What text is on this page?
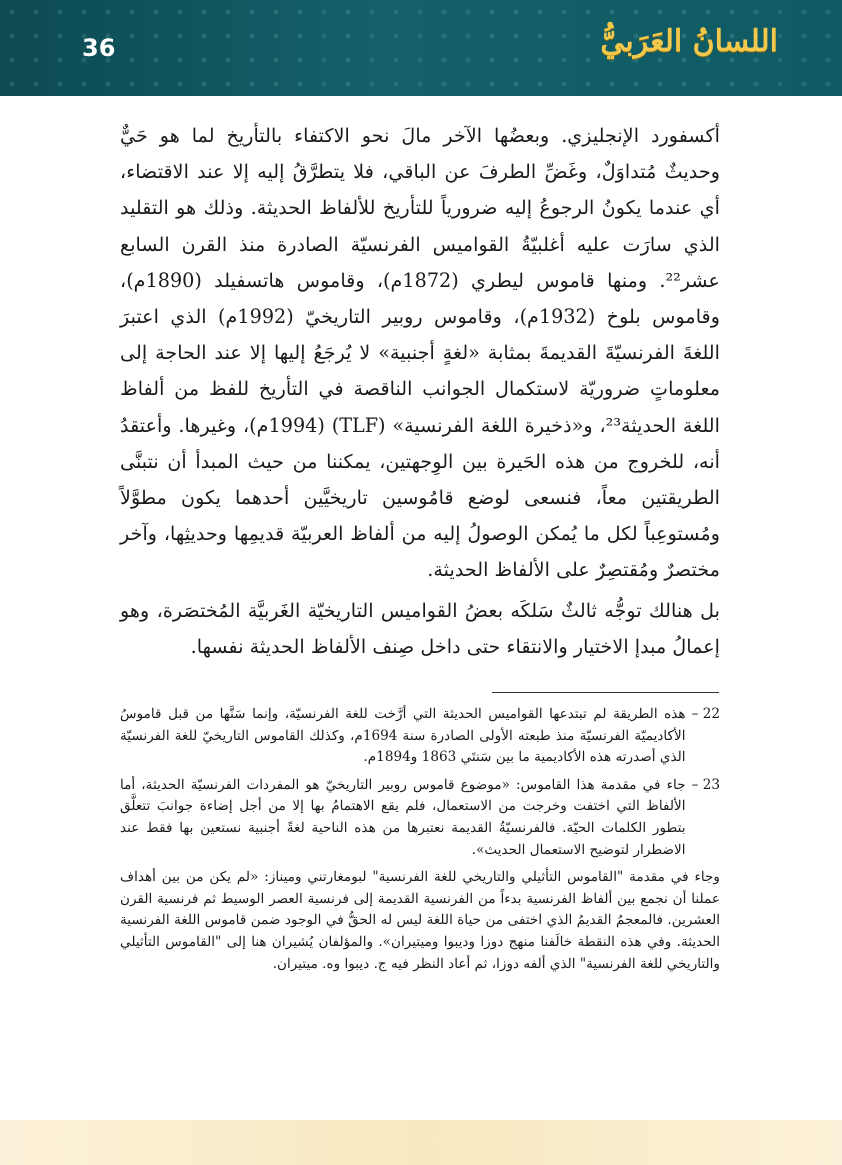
36	اللسانُ العَرَبيُّ

أكسفورد الإنجليزي. وبعضُها الآخر مالَ نحو الاكتفاء بالتأريخ لما هو حَيٌّ وحديثٌ مُتداوَلٌ، وغَضِّ الطرفَ عن الباقي، فلا يتطرَّقُ إليه إلا عند الاقتضاء، أي عندما يكونُ الرجوعُ إليه ضرورياً للتأريخ للألفاظ الحديثة. وذلك هو التقليد الذي سارَت عليه أغلبيّةُ القواميس الفرنسيّة الصادرة منذ القرن السابع عشر²². ومنها قاموس ليطري (1872م)، وقاموس هاتسفيلد (1890م)، وقاموس بلوخ (1932م)، وقاموس روبير التاريخيّ (1992م) الذي اعتبرَ اللغةَ الفرنسيّةَ القديمةَ بمثابة «لغةٍ أجنبية» لا يُرجَعُ إليها إلا عند الحاجة إلى معلوماتٍ ضروريّة لاستكمال الجوانب الناقصة في التأريخ للفظ من ألفاظ اللغة الحديثة²³، و«ذخيرة اللغة الفرنسية» (TLF) (1994م)، وغيرها. وأعتقدُ أنه، للخروج من هذه الحَيرة بين الوِجهتين، يمكننا من حيث المبدأ أن نتبنَّى الطريقتين معاً، فنسعى لوضع قامُوسين تاريخيَّين أحدهما يكون مطوَّلاً ومُستوعِباً لكل ما يُمكن الوصولُ إليه من ألفاظ العربيّة قديمِها وحديثِها، وآخر مختصرٌ ومُقتصِرٌ على الألفاظ الحديثة.

بل هنالك توجُّه ثالثٌ سَلكَه بعضُ القواميس التاريخيّة الغَربيَّة المُختصَرة، وهو إعمالُ مبدإ الاختيار والانتقاء حتى داخل صِنف الألفاظ الحديثة نفسها.

22 –
هذه الطريقة لم تبتدعها القواميس الحديثة التي أرَّخت للغة الفرنسيّة، وإنما سَنَّها من قبل قاموسُ الأكاديميّة الفرنسيّة منذ طبعته الأولى الصادرة سنة 1694م، وكذلك القاموس التاريخيّ للغة الفرنسيّة الذي أصدرته هذه الأكاديمية ما بين سَنتَي 1863 و1894م.
23 –
جاء في مقدمة هذا القاموس: «موضوع قاموس روبير التاريخيّ هو المفردات الفرنسيّة الحديثة، أما الألفاظ التي اختفت وخرجت من الاستعمال، فلم يقع الاهتمامُ بها إلا من أجل إضاءة جوانبَ تتعلَّق بتطور الكلمات الحيّة. فالفرنسيّةُ القديمة نعتبرها من هذه الناحية لغةً أجنبية نستعين بها فقط عند الاضطرار لتوضيح الاستعمال الحديث».

وجاء في مقدمة "القاموس التأثيلي والتاريخي للغة الفرنسية" لبومغارتني وميناز: «لم يكن من بين أهداف عملنا أن نجمع بين ألفاظ الفرنسية بدءاً من الفرنسية القديمة إلى فرنسية العصر الوسيط ثم فرنسية القرن العشرين. فالمعجمُ القديمُ الذي اختفى من حياة اللغة ليس له الحقُّ في الوجود ضمن قاموس اللغة الفرنسية الحديثة. وفي هذه النقطة خالَفنا منهج دوزا وديبوا وميتيران». والمؤلفان يُشيران هنا إلى "القاموس التأثيلي والتاريخي للغة الفرنسية" الذي ألفه دوزا، ثم أعاد النظر فيه ج. ديبوا وه. ميتيران.
